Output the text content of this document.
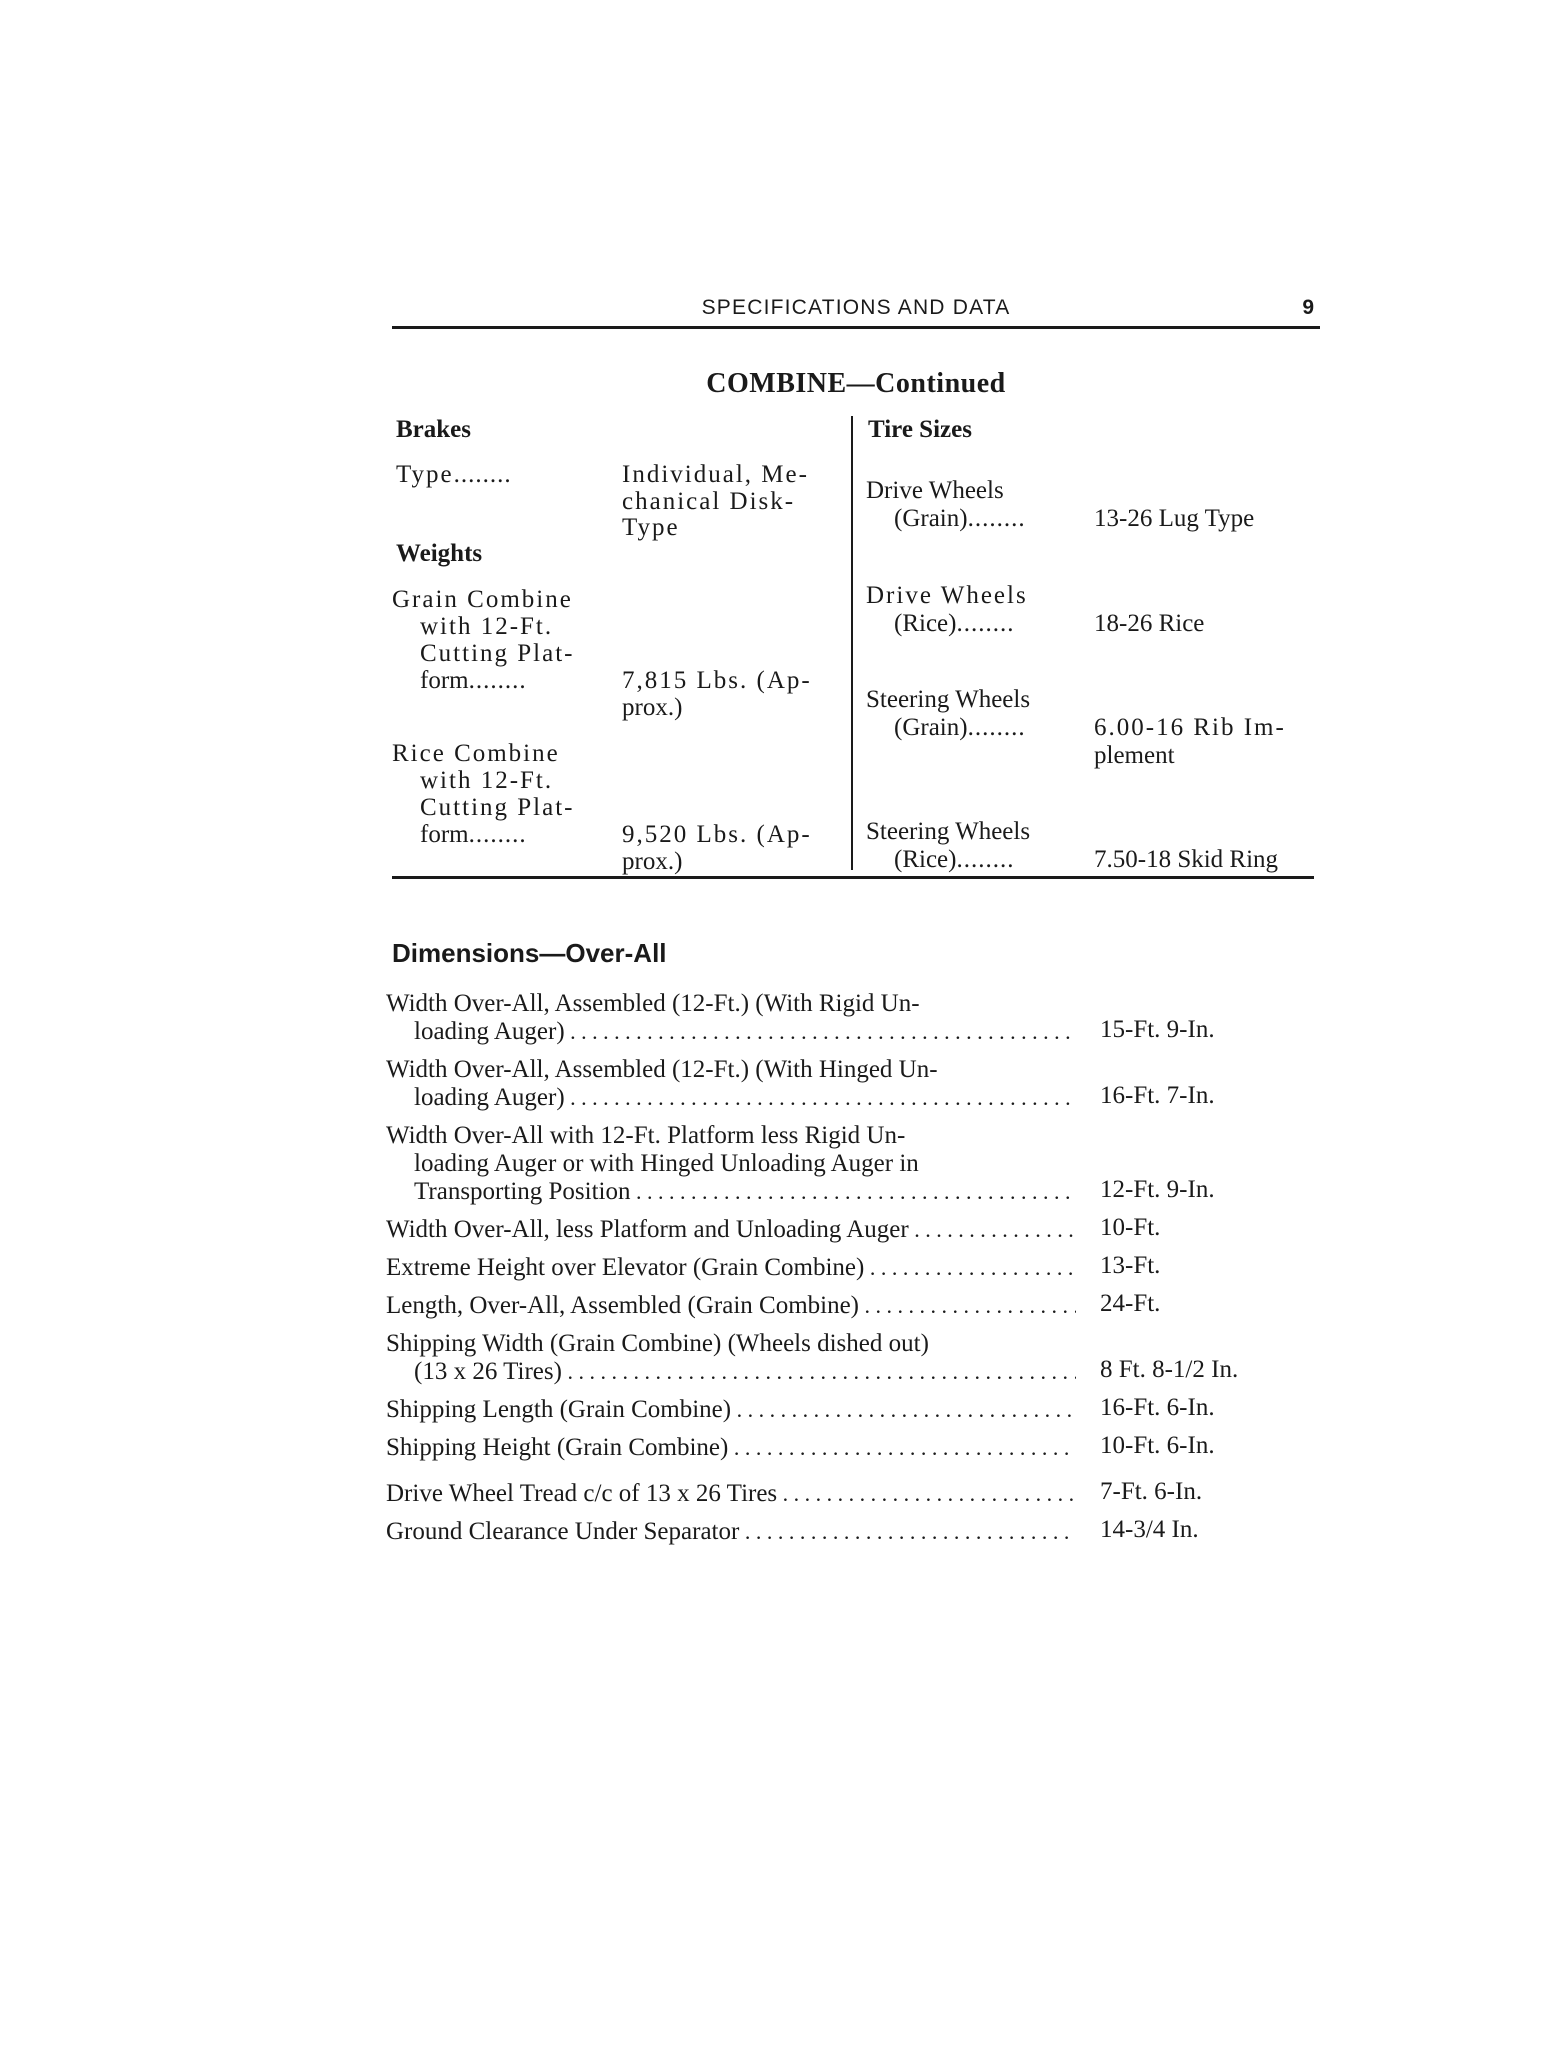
SPECIFICATIONS AND DATA	9
COMBINE—Continued
Brakes
Type ........	Individual, Me-
chanical Disk-
Type
Weights
Grain Combine
with 12-Ft.
Cutting Plat-
form ........	7,815 Lbs. (Ap-
prox.)
Rice Combine
with 12-Ft.
Cutting Plat-
form ........	9,520 Lbs. (Ap-
prox.)
Tire Sizes
Drive Wheels
(Grain) ........	13-26 Lug Type
Drive Wheels
(Rice) ........	18-26 Rice
Steering Wheels
(Grain) ........	6.00-16 Rib Im-
plement
Steering Wheels
(Rice) ........	7.50-18 Skid Ring
Dimensions—Over-All
Width Over-All, Assembled (12-Ft.) (With Rigid Un-
loading Auger) . . .	15-Ft. 9-In.
Width Over-All, Assembled (12-Ft.) (With Hinged Un-
loading Auger) . . .	16-Ft. 7-In.
Width Over-All with 12-Ft. Platform less Rigid Un-
loading Auger or with Hinged Unloading Auger in
Transporting Position . . .	12-Ft. 9-In.
Width Over-All, less Platform and Unloading Auger . . .	10-Ft.
Extreme Height over Elevator (Grain Combine) . . .	13-Ft.
Length, Over-All, Assembled (Grain Combine) . . .	24-Ft.
Shipping Width (Grain Combine) (Wheels dished out)
(13 x 26 Tires) . . .	8 Ft. 8-1/2 In.
Shipping Length (Grain Combine) . . .	16-Ft. 6-In.
Shipping Height (Grain Combine) . . .	10-Ft. 6-In.
Drive Wheel Tread c/c of 13 x 26 Tires . . .	7-Ft. 6-In.
Ground Clearance Under Separator . . .	14-3/4 In.
